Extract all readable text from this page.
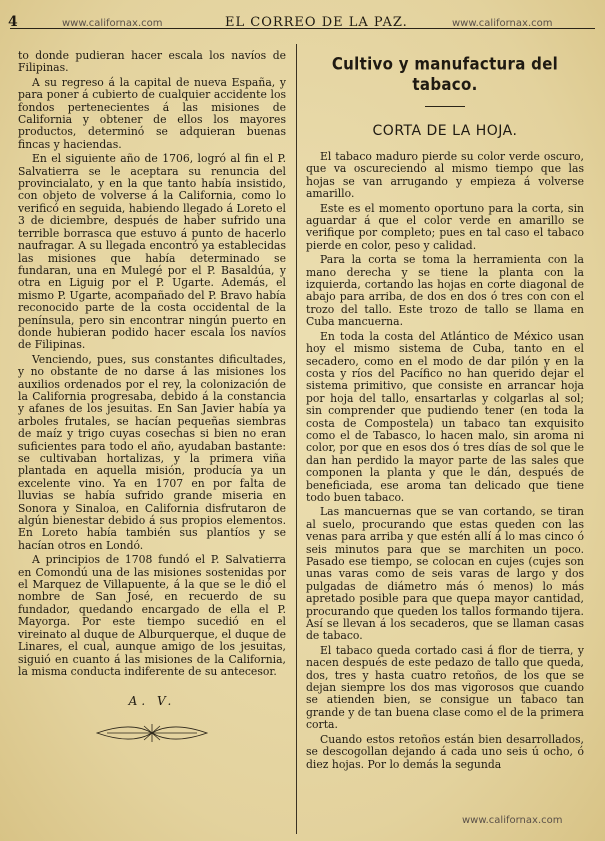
4	www.californax.com	EL CORREO DE LA PAZ.	www.californax.com

to donde pudieran hacer escala los navíos de Filipinas.

A su regreso á la capital de nueva España, y para poner á cubierto de cualquier accidente los fondos pertenecientes á las misiones de California y obtener de ellos los mayores productos, determinó se adquieran buenas fincas y haciendas.

En el siguiente año de 1706, logró al fin el P. Salvatierra se le aceptara su renuncia del provincialato, y en la que tanto había insistido, con objeto de volverse á la California, como lo verificó en seguida, habiendo llegado á Loreto el 3 de diciembre, después de haber sufrido una terrible borrasca que estuvo á punto de hacerlo naufragar. A su llegada encontró ya establecidas las misiones que había determinado se fundaran, una en Mulegé por el P. Basaldúa, y otra en Liguig por el P. Ugarte. Además, el mismo P. Ugarte, acompañado del P. Bravo había reconocido parte de la costa occidental de la península, pero sin encontrar ningún puerto en donde hubieran podido hacer escala los navíos de Filipinas.

Venciendo, pues, sus constantes dificultades, y no obstante de no darse á las misiones los auxilios ordenados por el rey, la colonización de la California progresaba, debido á la constancia y afanes de los jesuitas. En San Javier había ya arboles frutales, se hacían pequeñas siembras de maíz y trigo cuyas cosechas si bien no eran suficientes para todo el año, ayudaban bastante: se cultivaban hortalizas, y la primera viña plantada en aquella misión, producía ya un excelente vino. Ya en 1707 en por falta de lluvias se había sufrido grande miseria en Sonora y Sinaloa, en California disfrutaron de algún bienestar debido á sus propios elementos. En Loreto había también sus plantíos y se hacían otros en Londó.

A principios de 1708 fundó el P. Salvatierra en Comondú una de las misiones sostenidas por el Marquez de Villapuente, á la que se le dió el nombre de San José, en recuerdo de su fundador, quedando encargado de ella el P. Mayorga. Por este tiempo sucedió en el vireinato al duque de Alburquerque, el duque de Linares, el cual, aunque amigo de los jesuitas, siguió en cuanto á las misiones de la California, la misma conducta indiferente de su antecesor.

A. V.
Cultivo y manufactura del tabaco.
CORTA DE LA HOJA.

El tabaco maduro pierde su color verde oscuro, que va oscureciendo al mismo tiempo que las hojas se van arrugando y empieza á volverse amarillo.

Este es el momento oportuno para la corta, sin aguardar á que el color verde en amarillo se verifique por completo; pues en tal caso el tabaco pierde en color, peso y calidad.

Para la corta se toma la herramienta con la mano derecha y se tiene la planta con la izquierda, cortando las hojas en corte diagonal de abajo para arriba, de dos en dos ó tres con con el trozo del tallo. Este trozo de tallo se llama en Cuba mancuerna.

En toda la costa del Atlántico de México usan hoy el mismo sistema de Cuba, tanto en el secadero, como en el modo de dar pilón y en la costa y ríos del Pacífico no han querido dejar el sistema primitivo, que consiste en arrancar hoja por hoja del tallo, ensartarlas y colgarlas al sol; sin comprender que pudiendo tener (en toda la costa de Compostela) un tabaco tan exquisito como el de Tabasco, lo hacen malo, sin aroma ni color, por que en esos dos ó tres días de sol que le dan han perdido la mayor parte de las sales que componen la planta y que le dán, después de beneficiada, ese aroma tan delicado que tiene todo buen tabaco.

Las mancuernas que se van cortando, se tiran al suelo, procurando que estas queden con las venas para arriba y que estén allí á lo mas cinco ó seis minutos para que se marchiten un poco. Pasado ese tiempo, se colocan en cujes (cujes son unas varas como de seis varas de largo y dos pulgadas de diámetro más ó menos) lo más apretado posible para que quepa mayor cantidad, procurando que queden los tallos formando tijera. Así se llevan á los secaderos, que se llaman casas de tabaco.

El tabaco queda cortado casi á flor de tierra, y nacen después de este pedazo de tallo que queda, dos, tres y hasta cuatro retoños, de los que se dejan siempre los dos mas vigorosos que cuando se atienden bien, se consigue un tabaco tan grande y de tan buena clase como el de la primera corta.

Cuando estos retoños están bien desarrollados, se descogollan dejando á cada uno seis ú ocho, ó diez hojas. Por lo demás la segunda

www.californax.com
